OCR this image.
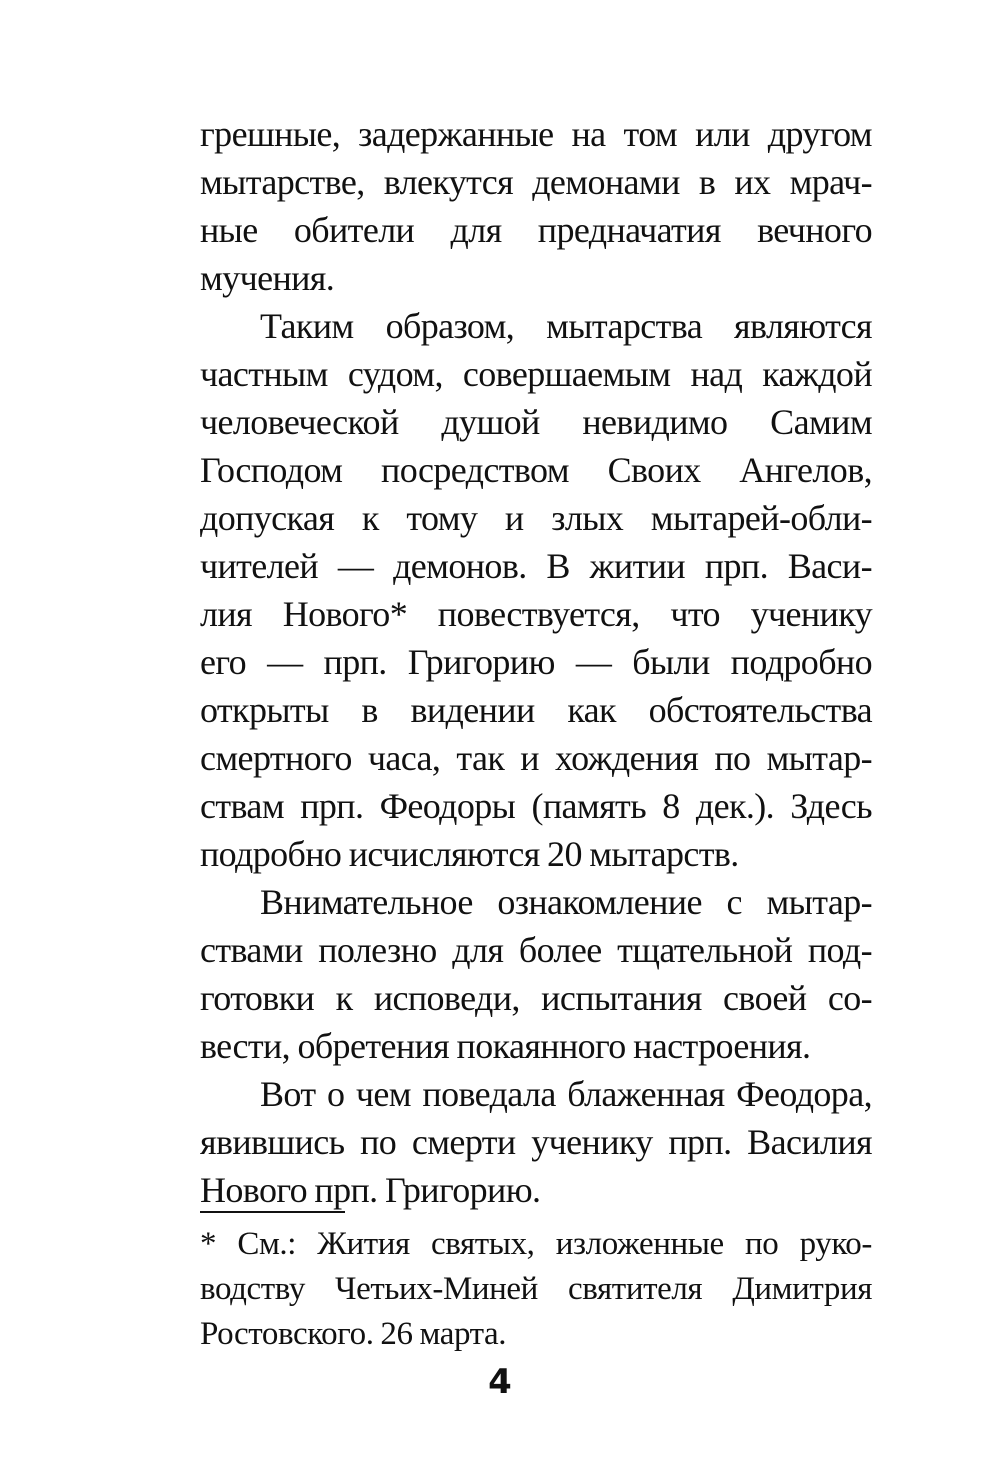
грешные, задержанные на том или другом
мытарстве, влекутся демонами в их мрач-
ные обители для предначатия вечного
мучения.
Таким образом, мытарства являются
частным судом, совершаемым над каждой
человеческой душой невидимо Самим
Господом посредством Своих Ангелов,
допуская к тому и злых мытарей-обли-
чителей — демонов. В житии прп. Васи-
лия Нового* повествуется, что ученику
его — прп. Григорию — были подробно
открыты в видении как обстоятельства
смертного часа, так и хождения по мытар-
ствам прп. Феодоры (память 8 дек.). Здесь
подробно исчисляются 20 мытарств.
Внимательное ознакомление с мытар-
ствами полезно для более тщательной под-
готовки к исповеди, испытания своей со-
вести, обретения покаянного настроения.
Вот о чем поведала блаженная Феодора,
явившись по смерти ученику прп. Василия
Нового прп. Григорию.
* См.: Жития святых, изложенные по руко-
водству Четьих-Миней святителя Димитрия
Ростовского. 26 марта.
4
